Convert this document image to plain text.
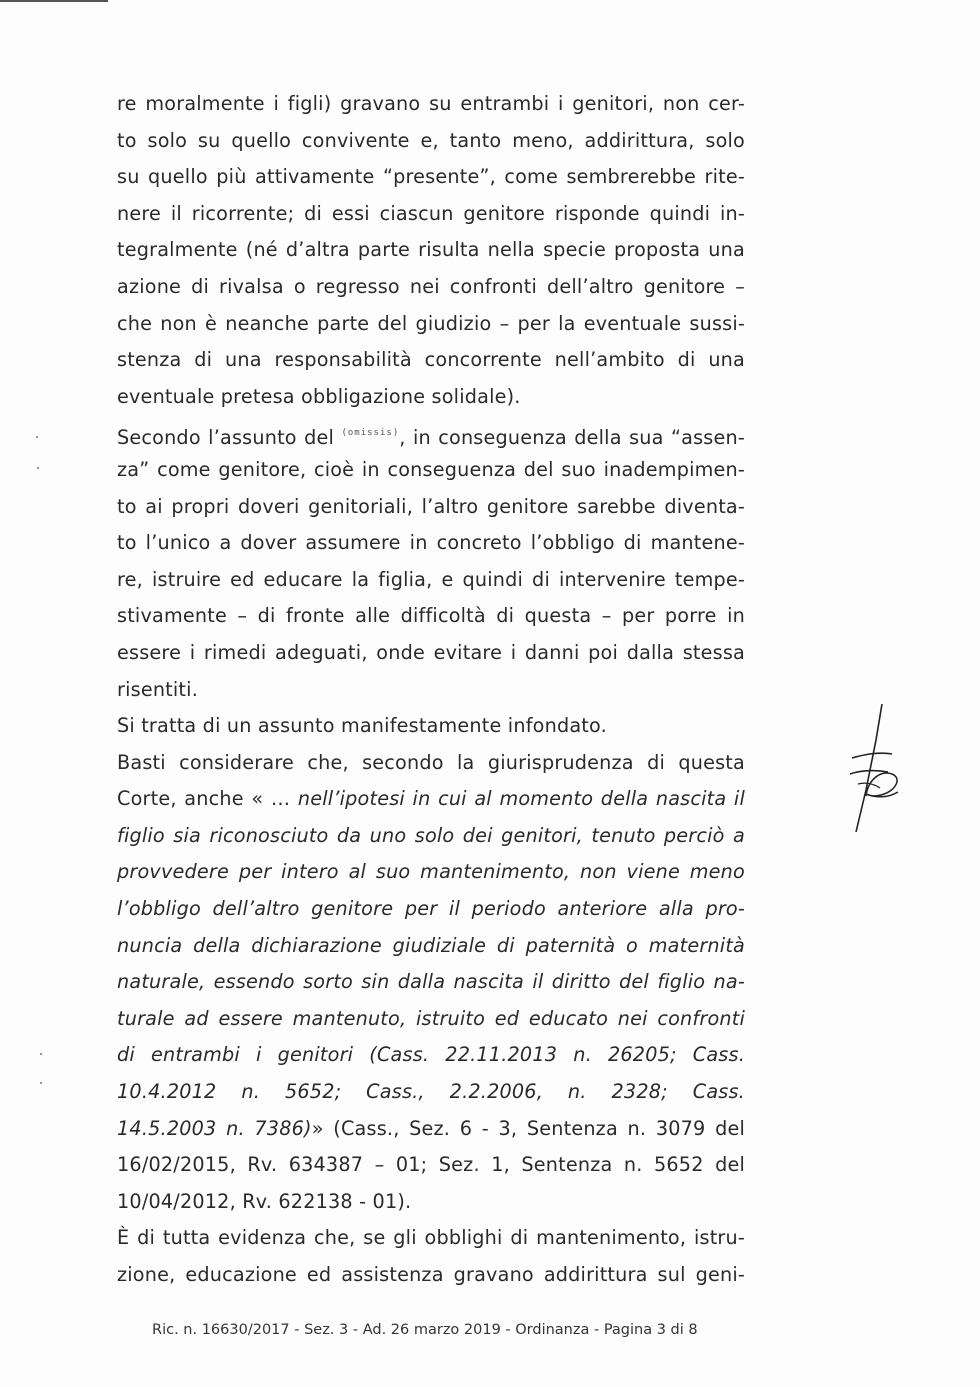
re moralmente i figli) gravano su entrambi i genitori, non cer-
to solo su quello convivente e, tanto meno, addirittura, solo
su quello più attivamente “presente”, come sembrerebbe rite-
nere il ricorrente; di essi ciascun genitore risponde quindi in-
tegralmente (né d’altra parte risulta nella specie proposta una
azione di rivalsa o regresso nei confronti dell’altro genitore –
che non è neanche parte del giudizio – per la eventuale sussi-
stenza di una responsabilità concorrente nell’ambito di una
eventuale pretesa obbligazione solidale).
Secondo l’assunto del $^{(omissis)}$, in conseguenza della sua “assen-
za” come genitore, cioè in conseguenza del suo inadempimen-
to ai propri doveri genitoriali, l’altro genitore sarebbe diventa-
to l’unico a dover assumere in concreto l’obbligo di mantene-
re, istruire ed educare la figlia, e quindi di intervenire tempe-
stivamente – di fronte alle difficoltà di questa – per porre in
essere i rimedi adeguati, onde evitare i danni poi dalla stessa
risentiti.
Si tratta di un assunto manifestamente infondato.
Basti considerare che, secondo la giurisprudenza di questa
Corte, anche « … nell’ipotesi in cui al momento della nascita il
figlio sia riconosciuto da uno solo dei genitori, tenuto perciò a
provvedere per intero al suo mantenimento, non viene meno
l’obbligo dell’altro genitore per il periodo anteriore alla pro-
nuncia della dichiarazione giudiziale di paternità o maternità
naturale, essendo sorto sin dalla nascita il diritto del figlio na-
turale ad essere mantenuto, istruito ed educato nei confronti
di entrambi i genitori (Cass. 22.11.2013 n. 26205; Cass.
10.4.2012 n. 5652; Cass., 2.2.2006, n. 2328; Cass.
14.5.2003 n. 7386)» (Cass., Sez. 6 - 3, Sentenza n. 3079 del
16/02/2015, Rv. 634387 – 01; Sez. 1, Sentenza n. 5652 del
10/04/2012, Rv. 622138 - 01).
È di tutta evidenza che, se gli obblighi di mantenimento, istru-
zione, educazione ed assistenza gravano addirittura sul geni-
Ric. n. 16630/2017 - Sez. 3 - Ad. 26 marzo 2019 - Ordinanza - Pagina 3 di 8
